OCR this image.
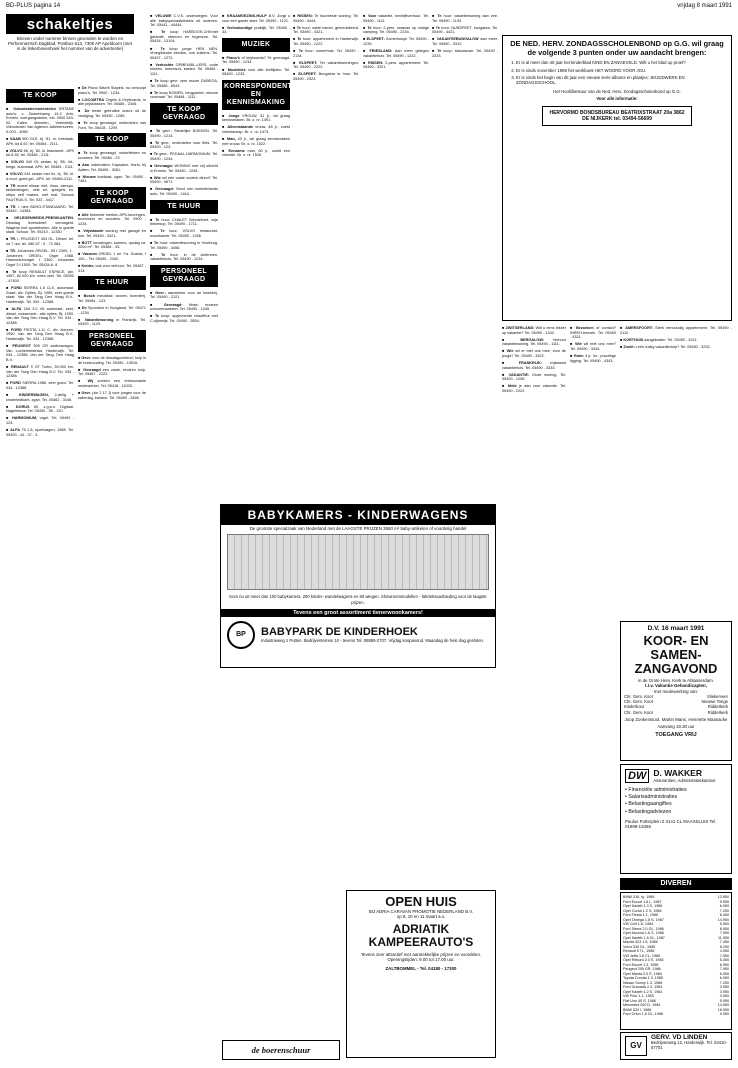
BD-PLUS pagina 14	vrijdag 8 maart 1991
schakeltjes
Brieven onder nummer binnen gevonden te worden en Perhenniertsch Dagblad, Postbus 613, 7300 AP Apeldoorn (met in de linkerbovenhoek het nummer van de advertentie)
TE KOOP

■ Volvodealer/onderdelen ERTADE auto's. v. Zwaveluweg 14-2 Arfo, Ermelo, overgangsdelen, etc. 0900 543-02. Kalen, diensten, Vriendelijk. Volvodealer Van Agtered, Adlertersveen, 0-003 - 4098.

■ SAAB 900 GLE. bj. '81, m. trekhaak, APK tot 8-92, tel. 05484 - 2111.

■ VOLVO 66, bj. '82, kl. blauwmet., APK tot 8-92, tel. 05484 - 2111.

■ VOLVO 340 GL sedan, bj. '85, 4d., beige, automaat, APK, tel. 05484 - 2111.

■ VOLVO 244 sedan met 6c, bj. '80, kl. d.rood, goed gel., APK, tel. 05484-2111.

■ TR moeet elkaar niet, rinus, sierspo, tankleidingen, velk en. spiegels en, strips zelf maken, met mal. Schoon FAUTRUILS. Tel. 033 - 4417.

■ TR. i. nine BUHO-STANDAARD. Tel. 03462 - 14384.

■ GELEGENHEIDS-PREDIKANTEN. Dinsdag levensbrief, vermageld. Wagens met sportstoelen. Alle in goede staat. Schuur. Tel. 05210 - 12330.

■ TR. i. PEUGEOT 404 GL. Diesel, tel. na 7 uur, tel. 080-97 - 9 - 72 384.

■ TR. Johannes ORGEL. 05 f 2300, 1 . Johannes ORGEL. Orgel 1988, Harmoniumorgel. f 2300. Johannes Orgel 2 f 1500. Tel. 05434-6. 8.

■ Te koop RENAULT ESPACE, jan. 1987, 62.000 km. extra veel. Tel. 05490 - 47400.

■ FORD SIERRA 1.6 CLX, automaat. Zwart, div. Opties. Bj. 1985, zeer goede staat. Van der Tang Den Haag B.V., Harderwijk. Tel. 034 - 12388.

■ ALFA 164 3.0 V6 automaat, zeer, diesel, cruisecontr., alle opties, Bj. 1990. Van der Tang Den Haag B.V. Tel. 034 - 12388.

■ FORD FIESTA 1.1L C, div. kleuren, 1990. Van der Tang Den Haag B.V., Harderwijk. Tel. 034 - 12388.

■ PEUGEOT 305 GR stationwagon. Van Lochemtestraat, Harderwijk. Tel. 034 - 12388. Van der Tang. Den Haag B.V.

■ RENAULT 9 GT Turbo, 39.000 km. Van der Tang Den Haag B.V. Tel. 034 - 12388.

■ FORD SIERRA 1986, zeer goed. Tel. 034 - 12388.

■ KINDERWAGEN, 2-delig + kinderledikant, zgan. Tel. 05462 - 3146.

■ DORUS 60, z.g.a.n. Digitaal. Nagelnieuw. Tel. 05490 - 55 - 120.

■ HARMONIUM, orgel. Tel. 05490 - 123.

■ ALFA 75 1.8, sportwagen, 1988. Tel. 05490 - 44 - 37 - 3.

■ De Piano Wacht Stapink, nu verkoopt piano's. Tel. 0900 - 1234.

■ LOCOMTRA Orgels & Keyboards, in alle prijsklassen. Tel. 05485 - 2345.

■ De beste gebruikte auto's uit de vestiging. Tel. 05490 - 1289.

■ Te koop gevraagd, onderdelen van Ford. Tel. 05418 - 1209.

TE KOOP

■ Te koop gevraagd: motorfietsen en scooters. Tel. 05484 - 23.

■ Aan ordemaken: Kapsalon, Horst, bij Aalten. Tel. 05495 - 3281.

■ Nieuwe koelkast, zgan. Tel. 05490 - 7481.

TE KOOP GEVRAAGD

■ Alle bekende merken APK-keuringen, brommers en scooters. Tel. 0900 - 1234.

■ Vrijstaande woning met garage en tuin. Tel. 05490 - 3421.

■ BOTT inrostingen, kamers, opslag ca. 2000 m². Tel. 05484 - 33.

■ Vacuum ORGEL 1 ml. Fa. Gustav, f 100,-. Tel. 05490 - 2342.

■ Kelder, ook voor verhuur. Tel. 05487 - 313.

TE HUUR

■ Bosch meubilair, wonen, boerderij. Tel. 05484 - 123.

■ De Spoortuin in Hoogland. Tel. 05471 - 1234.

■ Vakantiewoning in Frankrijk. Tel. 05490 - 1129.

PERSONEEL GEVRAAGD

■ Gevr. voor de dinsdagochtend, hulp in de huishouding. Tel. 05490 - 13516.

■ Gevraagd een vaste, ervaren hulp. Tel. 05487 - 2222.

■ Wij zoeken een enthousiaste medewerker. Tel. 05418 - 11003.

■ Gevr. (zie 2 17 J) voor jongen voor de zaterdag, kantoor. Tel. 05490 - 3456.

■ VELUWE C.V.S. onderwegen. Voor alle babyspeciaalwinkels uit ordenen. Tel. 05441 - 44444.

■ Te koop HARBOOK-CHEmet garantie, stremen en tegenzon. Tel. 05434 - 13104.

■ Te koop jonge HEN NEN. Vroeg/kleuke eenden, ook kuikens. Tel. 05497 - 1272.

■ Verkochte OPMEUBIL-LERS, oude stoelen, trumeau's, kasten. Tel. 05484 - 1111.

■ Te koop gevr. zeer mooie DUBEGA. Tel. 05486 - 6543.

■ Te koop BOMEN, bergparket, nieuwe voorraad. Tel. 05484 - 1111.

TE KOOP GEVRAAGD

■ Te gevr.: Stedelijke BOEKEN. Tel. 05490 - 1214.

■ Te gevr.: onderdelen voor fiets. Tel. 05490 - 123.

■ Te gevr.: PEDAAL-HARMONIUM. Tel. 05490 - 1234.

■ Gevraagd: WONING met vrij uitzicht in Ermelo. Tel. 05490 - 1245.

■ Wie wil een vaste oudere direct? Tel. 05490 - 9871.

■ Gevraagd: Gerui een tweedehands auto. Tel. 05490 - 1444.

TE HUUR

■ Te huur: CHALET Schotzfurst, vrije bekerkop. Tel. 05490 - 1711.

■ Te huur: VOLVO restaurant, woonkamer. Tel. 05490 - 1256.

■ Te huur: vakantiewoning in Voorburg. Tel. 05490 - 3456.

■ Te huur: in de Ardennen, vakantiehuis. Tel. 05490 - 1234.

PERSONEEL GEVRAAGD

■ Gevr.: aanwerker voor de kwekerij. Tel. 05490 - 2121.

■ Gevraagd: flinke, ervaren schoonmaakster. Tel. 05490 - 1245.

■ Te koop: opgevoerde chauffeur met C-rijbewijs. Tel. 05490 - 5554.

■ KRAAMGEZINS-HULP B.V. Zorgt u voor een goede start. Tel. 05490 - 1121.

■ Verloskundige praktijk. Tel. 05490 - 33.

MUZIEK

■ Piano's of keyboards? Te gevraagd. Tel. 05490 - 1234.

■ Muziekles voor alle leeftijden. Tel. 05490 - 1233.

KORRESPONDENTIE EN KENNISMAKING

■ Jonge VROUW, 31 jr., wil graag kennismaken. Br. o. nr. 1491.

■ Alleenstaande vrouw, 48 jr., zoekt vriendschap. Br. o. nr. 1473.

■ Man, 43 jr., wil graag kennismaken met vrouw. Br. o. nr. 1522.

■ Eenzame man, 60 jr., zoekt een vriendin. Br. o. nr. 1526.

■ RISSEN: Te huurbeste woning. Tel. 05490 - 4444.

■ Te huur: vaste kamer, gemeubileerd. Tel. 05490 - 4321.

■ Te huur: appartement in Harderwijk. Tel. 05490 - 1222.

■ Te huur: zomerhuis. Tel. 05490 - 2134.

■ ELSPEET: Ter vakantiewoningen. Tel. 05490 - 2222.

■ ELSPEET: Bungalow te huur. Tel. 05490 - 2323.

■ Voor vakantie, bedrijfsverhuur. Tel. 05490 - 1111.

■ Te huur: 2-pers. caravan op rustige camping. Tel. 05490 - 2234.

■ ELSPEET: Zomerhuisje. Tel. 05490 - 1239.

■ FRIESLAND: Aan meer gelegen vakantiehuis. Tel. 05490 - 1222.

■ RISSEN: 2-pers. appartement. Tel. 05490 - 3321.

■ Te huur: vakantiewoning aan zee. Tel. 05490 - 1133.

■ Te huur: NUNSPEET, bungalow. Tel. 05490 - 4421.

■ VAKANTIEBUNGALOW aan meer, Tel. 05490 - 3310.

■ Te koop: stacaravan. Tel. 05490 - 2223.

■ ZWITSERLAND: Wilt u eens lekker op vakantie? Tel. 05490 - 1342.

■ BERGALOW: Verhuur vakantiewoning. Tel. 05490 - 1111.

■ Wie wil er met ons mee, voor de jeugd? Tel. 05490 - 3322.

■ FRANKRIJK: vrijstaand vakantiehuis. Tel. 05490 - 3333.

■ VAKANTIE: Grote woning. Tel. 05490 - 1255.

■ Meld je aan voor vakantie. Tel. 05490 - 2222.

■ Bezoeken of contact? INREH-bezoek. Tel. 05490 - 4321.

■ Wie wil met ons mee? Tel. 05490 - 3344.

■ Ruim 4 jr. inr., prachtige ligging. Tel. 05490 - 4343.

■ AMERSFOORT: Sterk eenvoudig appartement. Tel. 05490 - 2112.

■ KORTHUIS aangeboden. Tel. 05490 - 3211.

■ Zoekt u een rustig vakantiedorp? Tel. 05490 - 3232.

DE NED. HERV. ZONDAGSSCHOLENBOND op G.G. wil graag de volgende 3 punten onder uw aandacht brengen:
1. Er is al meer dan 40 jaar het kinderblad KIND EN ZANGEVELD. Wilt u het blad op proef?
2. Er is sinds november 1989 het werkboek HET WOORD VOOR JOU.
3. Er is sinds het begin van dit jaar een nieuwe serie albums en plaatjes: JEUGDWERK EN ZONDAGSSCHOOL.
Het Hoofdbestuur van de Ned. Herv. Zondagsscholenbond op G.G.
Voor alle informatie:
HERVORMD BONDSBUREAU BEATRIXSTRAAT 20a 3862 DE NIJKERK tel. 03494-56699
BABYKAMERS - KINDERWAGENS
De grootste specialzaak van Nederland met de LAAGSTE PRIJZEN 3550 m² baby-artikelen of voordelig handel
Kom nu uit meer dan 100 babykamers, 200 kinder- wandelwagens en 80 wiegen. Showroommodellen - fabrieksaanbieding voor de laagste prijzen.
Tevens een groot assortiment tienerwoonkamers!
BP	BABYPARK DE KINDERHOEK
Industrieweg 1 Putten. Bedrijventerrein 10 - tevens Tel. 08889-2707. Vrijdag koopavond. Maandag de hele dag gesloten.
OPEN HUIS
BIJ ADRIA CARAVAN PROMOTIE NEDERLAND B.V.
op 8, 10 en 11 maart a.s.
ADRIATIK KAMPEERAUTO'S
Tevens zeer attractief met aantrekkelijke prijzen en voordelen. Openingstijden: 9.00 tot 17.00 uur.
ZALTBOMMEL - Tel. 04180 - 17300
de boerenschuur
D.V. 16 maart 1991
KOOR- EN SAMEN- ZANGAVOND
in de Grote Herv. Kerk te Ablasserdam.
t.t.v. Vakantie Gehandicapten,
met medewerking van:
Chr. Gem. Koor	Sliekerveer
Chr. Gem. Koor	Nieuwe Tonge
Kinderkoor	Ridderkerk
Chr. Gem. Koor	Ridderkerk
Joop Zonkenstool, Martin Mans, Henriette Maasacke
Aanvang 19.30 uur
TOEGANG VRIJ
DW D. WAKKER
Assurantien, Administratiekantoor
• Financiële administraties
• Salarisadministraties
• Belastingaangiftes
• Belastingadviezen
Paulus Potterplein 2 3141 CL MAASSLUIS Tel. 01899-13456
DIVEREN
BMW 316, bj. 1989	12.950
Ford Escort 1.6 L, 1987	9.950
Opel Kadett 1.3 S, 1985	6.950
Opel Corsa 1.2 S, 1986	7.250
Ford Fiesta 1.1, 1986	6.450
Opel Omega 1.8 S, 1987	14.950
VW Golf 1.6, 1984	5.950
Ford Sierra 2.0 GL, 1986	8.950
Opel Ascona 1.6 S, 1986	7.950
Opel Kadett 1.6 GL, 1987	11.950
Mazda 323 1.5, 1986	7.450
Volvo 340 DL, 1985	6.250
Renault 5 TL, 1985	4.950
VW Jetta 1.6 CL, 1985	7.950
Opel Rekord 2.0 S, 1984	5.450
Ford Escort 1.3, 1985	6.950
Peugeot 205 GR, 1986	7.950
Opel Manta 2.0 E, 1984	6.950
Toyota Corolla 1.3, 1985	6.950
Nissan Sunny 1.3, 1986	7.250
Ford Granada 2.3, 1983	3.950
Opel Kadett 1.2 S, 1983	3.950
VW Polo 1.1, 1983	3.950
Fiat Uno 45 S, 1986	5.950
Mercedes 200 D, 1984	14.950
BMW 520 i, 1986	18.950
Ford Orion 1.6 GL, 1986	9.950
GV
GERV. VD LINDEN
Bedrijvenweg 12, Harderwijk. Tel. 03410-57701
